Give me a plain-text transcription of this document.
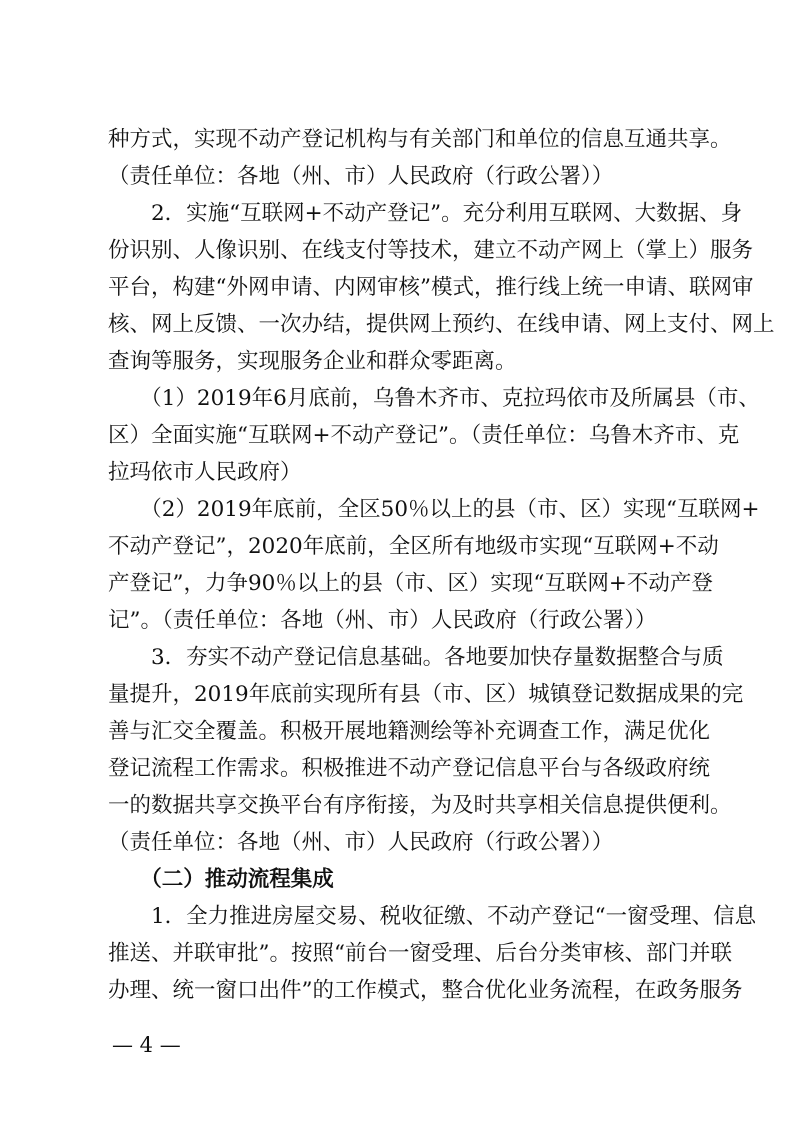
种方式，实现不动产登记机构与有关部门和单位的信息互通共享。
（责任单位：各地（州、市）人民政府（行政公署））
　　2．实施“互联网+不动产登记”。充分利用互联网、大数据、身
份识别、人像识别、在线支付等技术，建立不动产网上（掌上）服务
平台，构建“外网申请、内网审核”模式，推行线上统一申请、联网审
核、网上反馈、一次办结，提供网上预约、在线申请、网上支付、网上
查询等服务，实现服务企业和群众零距离。
　　（1）2019年6月底前，乌鲁木齐市、克拉玛依市及所属县（市、
区）全面实施“互联网+不动产登记”。（责任单位：乌鲁木齐市、克
拉玛依市人民政府）
　　（2）2019年底前，全区50％以上的县（市、区）实现“互联网+
不动产登记”，2020年底前，全区所有地级市实现“互联网+不动
产登记”，力争90％以上的县（市、区）实现“互联网+不动产登
记”。（责任单位：各地（州、市）人民政府（行政公署））
　　3．夯实不动产登记信息基础。各地要加快存量数据整合与质
量提升，2019年底前实现所有县（市、区）城镇登记数据成果的完
善与汇交全覆盖。积极开展地籍测绘等补充调查工作，满足优化
登记流程工作需求。积极推进不动产登记信息平台与各级政府统
一的数据共享交换平台有序衔接，为及时共享相关信息提供便利。
（责任单位：各地（州、市）人民政府（行政公署））
　　（二）推动流程集成
　　1．全力推进房屋交易、税收征缴、不动产登记“一窗受理、信息
推送、并联审批”。按照“前台一窗受理、后台分类审核、部门并联
办理、统一窗口出件”的工作模式，整合优化业务流程，在政务服务
— 4 —
